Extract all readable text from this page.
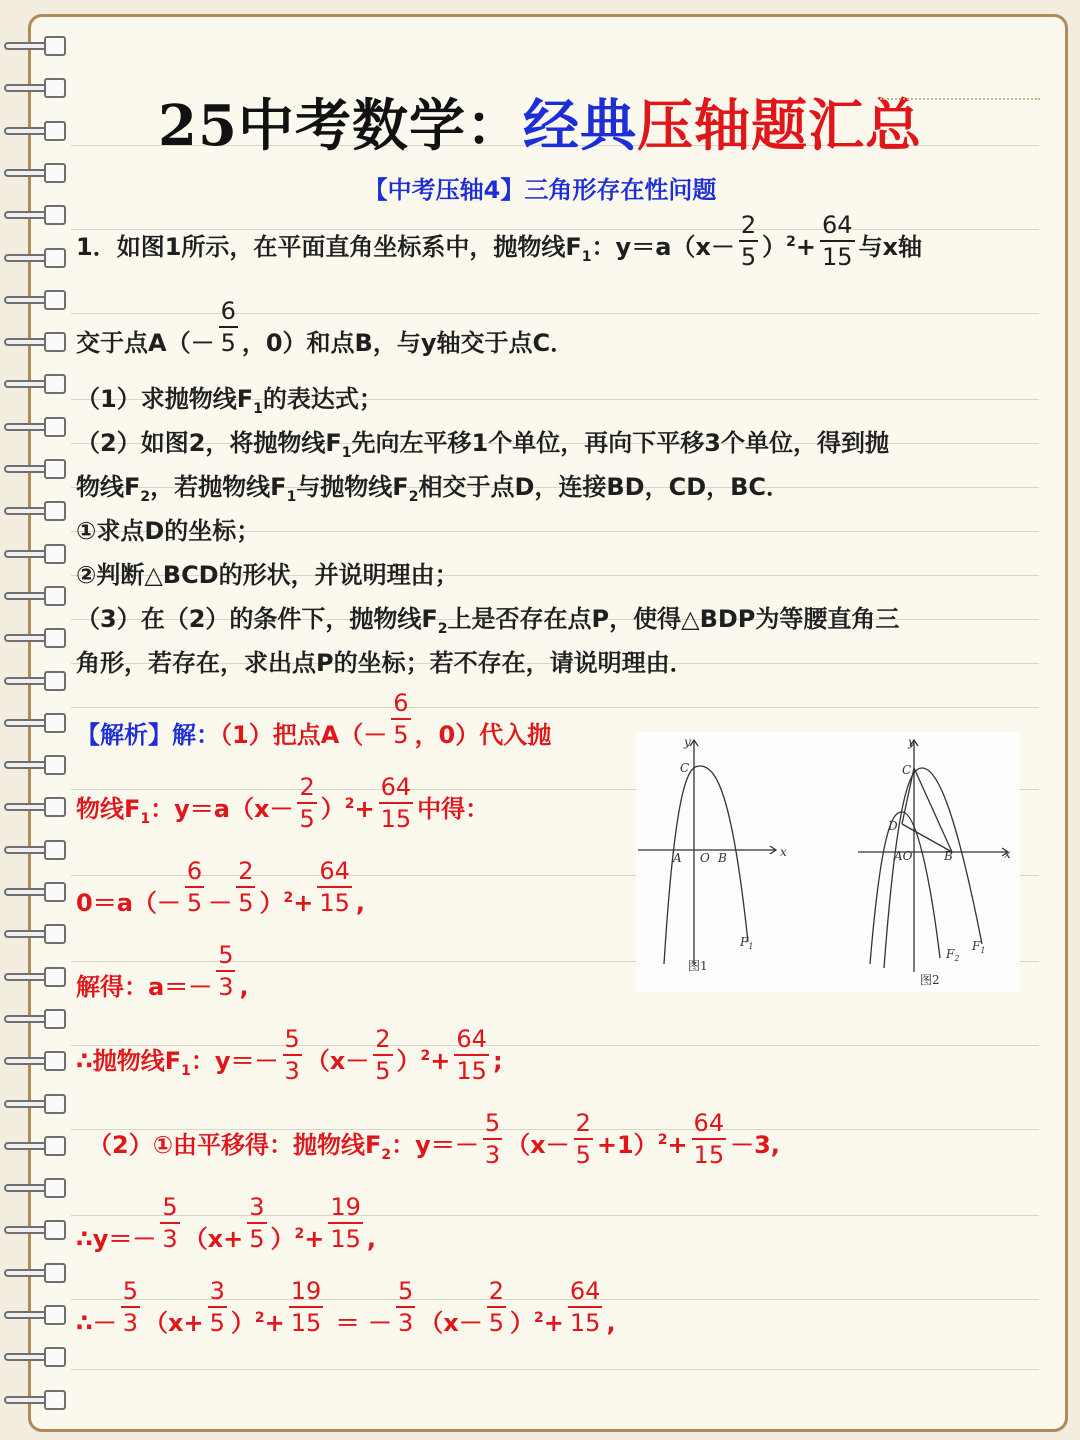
25中考数学：经典压轴题汇总
【中考压轴4】三角形存在性问题
1．如图1所示，在平面直角坐标系中，抛物线$F_1$：$y=a(x- \frac{2}{5} )^2+ \frac{64}{15}$ 与x轴
交于点$A(- \frac{6}{5}$ ，0）和点B，与y轴交于点C．
（1）求抛物线$F_1$的表达式；
（2）如图2，将抛物线$F_1$先向左平移1个单位，再向下平移3个单位，得到抛
物线$F_2$，若抛物线$F_1$与抛物线$F_2$相交于点D，连接BD，CD，BC．
①求点D的坐标；
②判断△BCD的形状，并说明理由；
（3）在（2）的条件下，抛物线$F_2$上是否存在点P，使得△BDP为等腰直角三
角形，若存在，求出点P的坐标；若不存在，请说明理由．
【解析】解：（1）把点$A(- \frac{6}{5}$ ，0）代入抛
物线$F_1$：$y=a(x- \frac{2}{5} )^2+ \frac{64}{15}$ 中得：
$0=a(- \frac{6}{5} - \frac{2}{5} )^2+ \frac{64}{15}$ ,
解得：$a=- \frac{5}{3}$ ,
∴抛物线$F_1$：$y=- \frac{5}{3} (x- \frac{2}{5} )^2+ \frac{64}{15}$ ;
（2）①由平移得：抛物线$F_2$：$y=- \frac{5}{3} (x- \frac{2}{5} +1)^2+ \frac{64}{15} -3$,
∴y＝－ $\frac{5}{3} (x+ \frac{3}{5} )^2+ \frac{19}{15}$ ,
∴－ $\frac{5}{3} (x+ \frac{3}{5} )^2+ \frac{19}{15}$ ＝ － $\frac{5}{3} (x- \frac{2}{5} )^2+ \frac{64}{15}$ ,
y
x
C
A O B
$F_1$
图1
y
x
C
D
AO	B
$F_2$
$F_1$
图2
